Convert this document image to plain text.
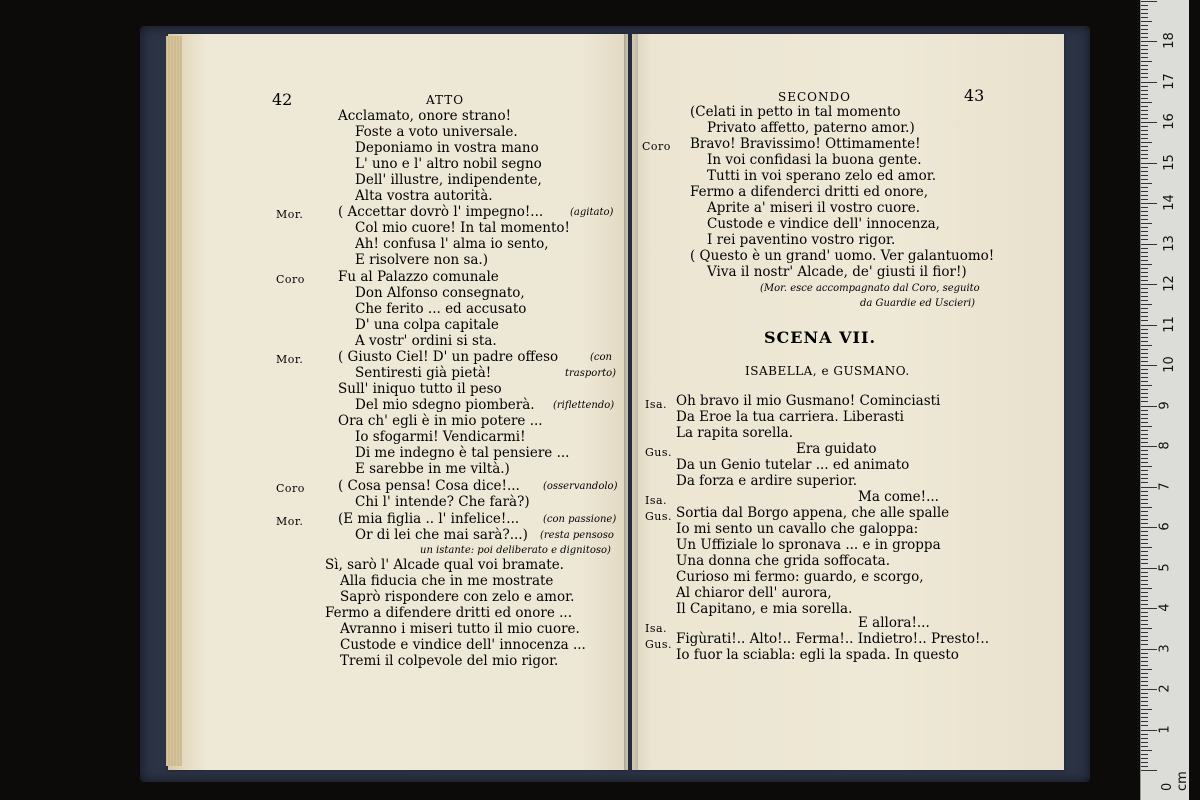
42	ATTO
Acclamato, onore strano!
Foste a voto universale.
Deponiamo in vostra mano
L' uno e l' altro nobil segno
Dell' illustre, indipendente,
Alta vostra autorità.
Mor.	( Accettar dovrò l' impegno!...	(agitato)
Col mio cuore! In tal momento!
Ah! confusa l' alma io sento,
E risolvere non sa.)
Coro Fu al Palazzo comunale
Don Alfonso consegnato,
Che ferito ... ed accusato
D' una colpa capitale
A vostr' ordini si sta.
Mor.	( Giusto Ciel! D' un padre offeso	(con
Sentiresti già pietà!	trasporto)
Sull' iniquo tutto il peso
Del mio sdegno piomberà. (riflettendo)
Ora ch' egli è in mio potere ...
Io sfogarmi! Vendicarmi!
Di me indegno è tal pensiere ...
E sarebbe in me viltà.)
Coro ( Cosa pensa! Cosa dice!... (osservandolo)
Chi l' intende? Che farà?)
Mor.	(E mia figlia .. l' infelice!... (con passione)
Or di lei che mai sarà?...) (resta pensoso
un istante: poi deliberato e dignitoso)
Sì, sarò l' Alcade qual voi bramate.
Alla fiducia che in me mostrate
Saprò rispondere con zelo e amor.
Fermo a difendere dritti ed onore ...
Avranno i miseri tutto il mio cuore.
Custode e vindice dell' innocenza ...
Tremi il colpevole del mio rigor.
SECONDO	43
(Celati in petto in tal momento
Privato affetto, paterno amor.)
Coro Bravo! Bravissimo! Ottimamente!
In voi confidasi la buona gente.
Tutti in voi sperano zelo ed amor.
Fermo a difenderci dritti ed onore,
Aprite a' miseri il vostro cuore.
Custode e vindice dell' innocenza,
I rei paventino vostro rigor.
( Questo è un grand' uomo. Ver galantuomo!
Viva il nostr' Alcade, de' giusti il fior!)
(Mor. esce accompagnato dal Coro, seguito
da Guardie ed Uscieri)
SCENA VII.
ISABELLA, e GUSMANO.
Isa. Oh bravo il mio Gusmano! Cominciasti
Da Eroe la tua carriera. Liberasti
La rapita sorella.
Gus.	Era guidato
Da un Genio tutelar ... ed animato
Da forza e ardire superior.
Isa.	Ma come!...
Gus. Sortia dal Borgo appena, che alle spalle
Io mi sento un cavallo che galoppa:
Un Uffiziale lo spronava ... e in groppa
Una donna che grida soffocata.
Curioso mi fermo: guardo, e scorgo,
Al chiaror dell' aurora,
Il Capitano, e mia sorella.
Isa.	E allora!...
Gus. Figùrati!.. Alto!.. Ferma!.. Indietro!.. Presto!..
Io fuor la sciabla: egli la spada. In questo
0 cm
1
2
3
4
5
6
7
8
9
10
11
12
13
14
15
16
17
18
